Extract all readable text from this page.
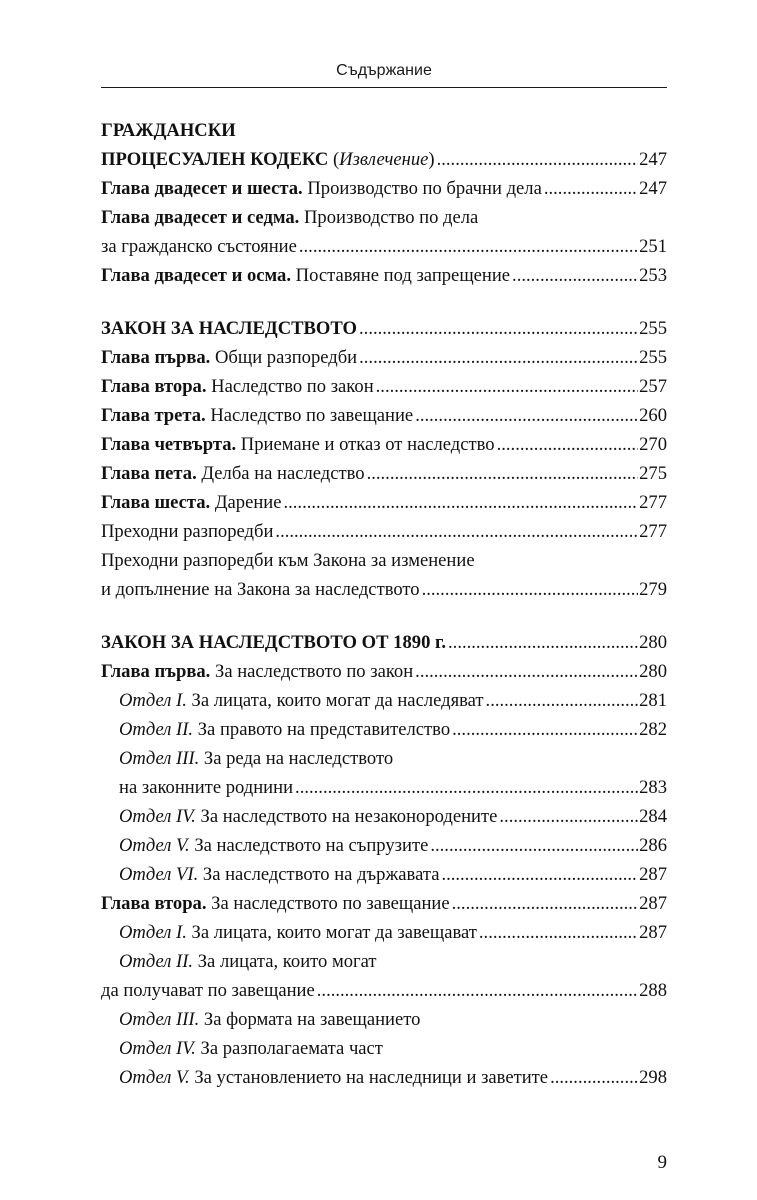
Съдържание
ГРАЖДАНСКИ
ПРОЦЕСУАЛЕН КОДЕКС (Извлечение) .....	247
Глава двадесет и шеста. Производство по брачни дела .....	247
Глава двадесет и седма. Производство по дела
за гражданско състояние .....	251
Глава двадесет и осма. Поставяне под запрещение .....	253
ЗАКОН ЗА НАСЛЕДСТВОТО .....	255
Глава първа. Общи разпоредби .....	255
Глава втора. Наследство по закон .....	257
Глава трета. Наследство по завещание .....	260
Глава четвърта. Приемане и отказ от наследство .....	270
Глава пета. Делба на наследство .....	275
Глава шеста. Дарение .....	277
Преходни разпоредби .....	277
Преходни разпоредби към Закона за изменение
и допълнение на Закона за наследството .....	279
ЗАКОН ЗА НАСЛЕДСТВОТО ОТ 1890 г. .....	280
Глава първа. За наследството по закон .....	280
Отдел I. За лицата, които могат да наследяват .....	281
Отдел II. За правото на представителство .....	282
Отдел III. За реда на наследството
на законните роднини .....	283
Отдел IV. За наследството на незаконородените .....	284
Отдел V. За наследството на съпрузите .....	286
Отдел VI. За наследството на държавата .....	287
Глава втора. За наследството по завещание .....	287
Отдел I. За лицата, които могат да завещават .....	287
Отдел II. За лицата, които могат
да получават по завещание .....	288
Отдел III. За формата на завещанието
Отдел IV. За разполагаемата част
Отдел V. За установлението на наследници и заветите .....	298
9
